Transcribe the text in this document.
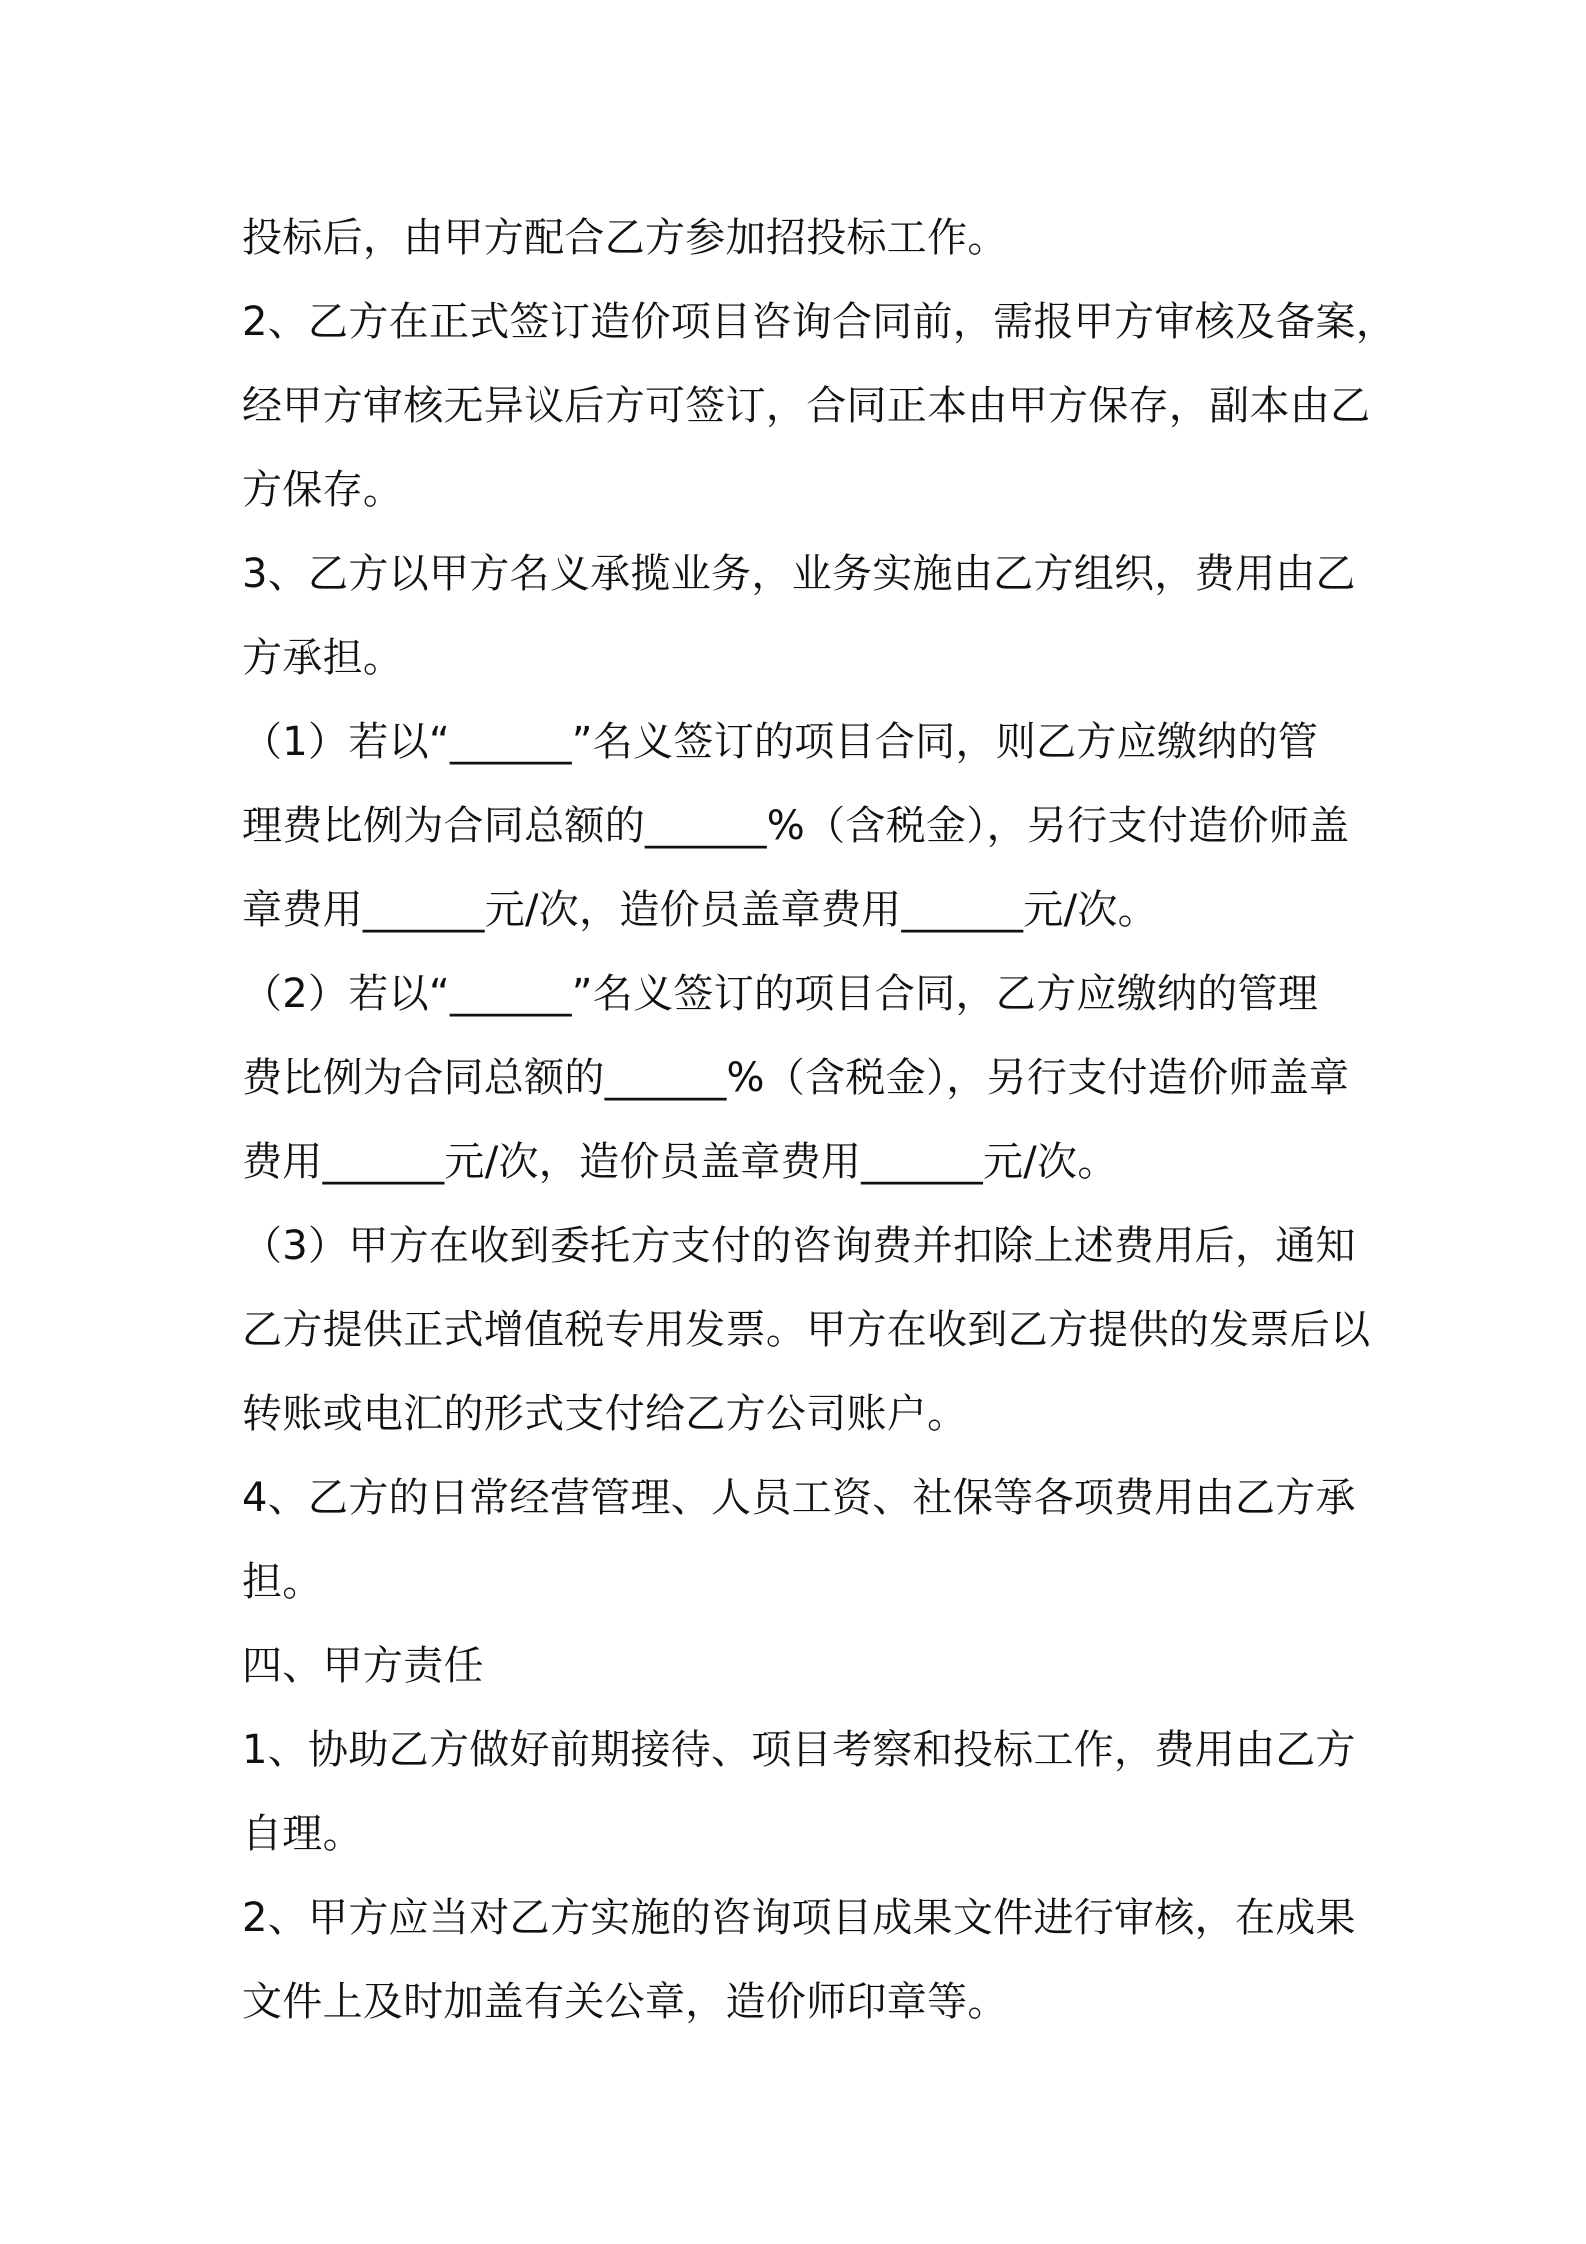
投标后，由甲方配合乙方参加招投标工作。
2、乙方在正式签订造价项目咨询合同前，需报甲方审核及备案，
经甲方审核无异议后方可签订，合同正本由甲方保存，副本由乙
方保存。
3、乙方以甲方名义承揽业务，业务实施由乙方组织，费用由乙
方承担。
（1）若以“______”名义签订的项目合同，则乙方应缴纳的管
理费比例为合同总额的______%（含税金），另行支付造价师盖
章费用______元/次，造价员盖章费用______元/次。
（2）若以“______”名义签订的项目合同，乙方应缴纳的管理
费比例为合同总额的______%（含税金），另行支付造价师盖章
费用______元/次，造价员盖章费用______元/次。
（3）甲方在收到委托方支付的咨询费并扣除上述费用后，通知
乙方提供正式增值税专用发票。甲方在收到乙方提供的发票后以
转账或电汇的形式支付给乙方公司账户。
4、乙方的日常经营管理、人员工资、社保等各项费用由乙方承
担。
四、甲方责任
1、协助乙方做好前期接待、项目考察和投标工作，费用由乙方
自理。
2、甲方应当对乙方实施的咨询项目成果文件进行审核，在成果
文件上及时加盖有关公章，造价师印章等。
